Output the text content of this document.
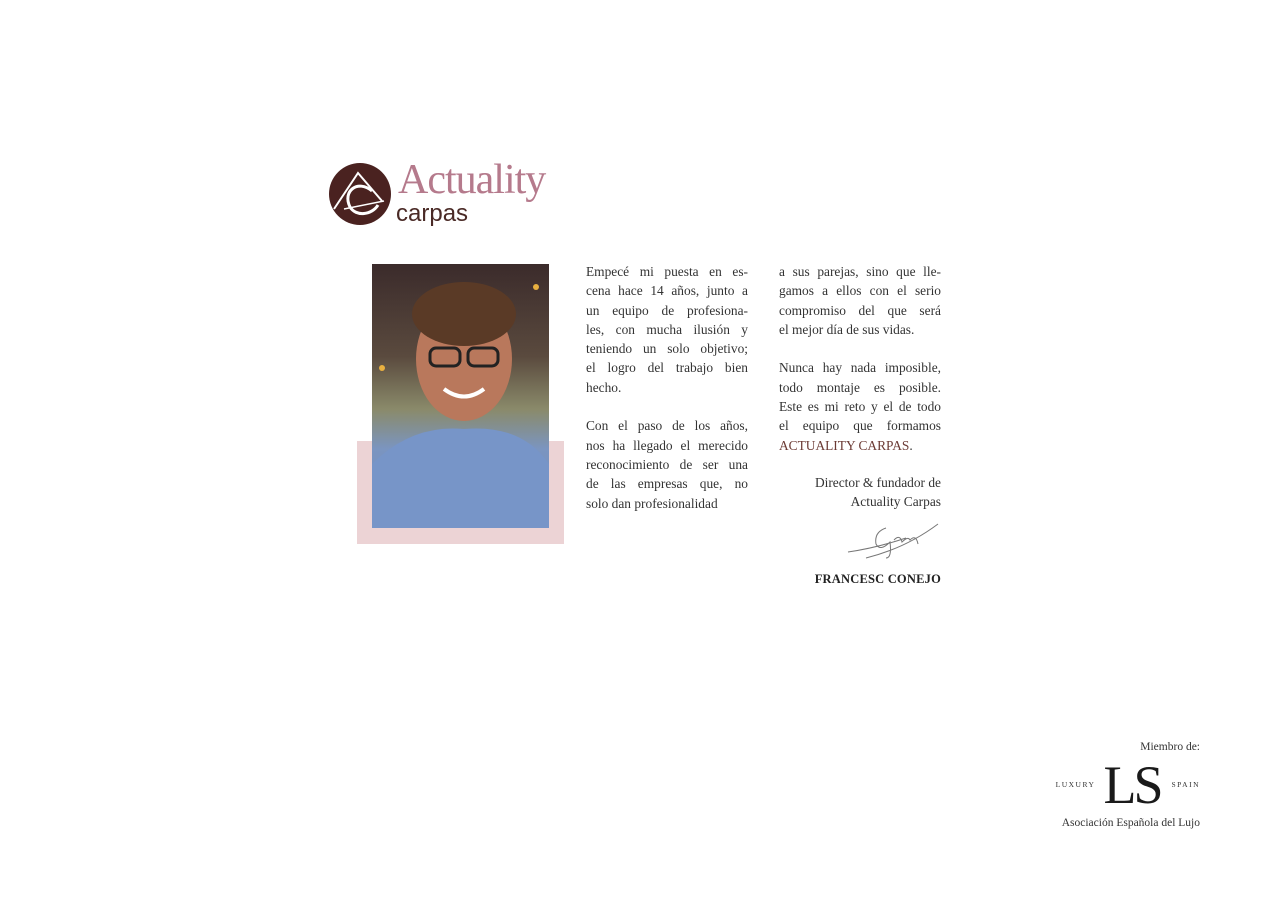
Actuality
carpas
Empecé mi puesta en es-
cena hace 14 años, junto a
un equipo de profesiona-
les, con mucha ilusión y
teniendo un solo objetivo;
el logro del trabajo bien
hecho.
Con el paso de los años,
nos ha llegado el merecido
reconocimiento de ser una
de las empresas que, no
solo dan profesionalidad
a sus parejas, sino que lle-
gamos a ellos con el serio
compromiso del que será
el mejor día de sus vidas.
Nunca hay nada imposible,
todo montaje es posible.
Este es mi reto y el de todo
el equipo que formamos
ACTUALITY CARPAS.
Director & fundador de
Actuality Carpas
FRANCESC CONEJO
Miembro de:
LUXURY LS	SPAIN
Asociación Española del Lujo
